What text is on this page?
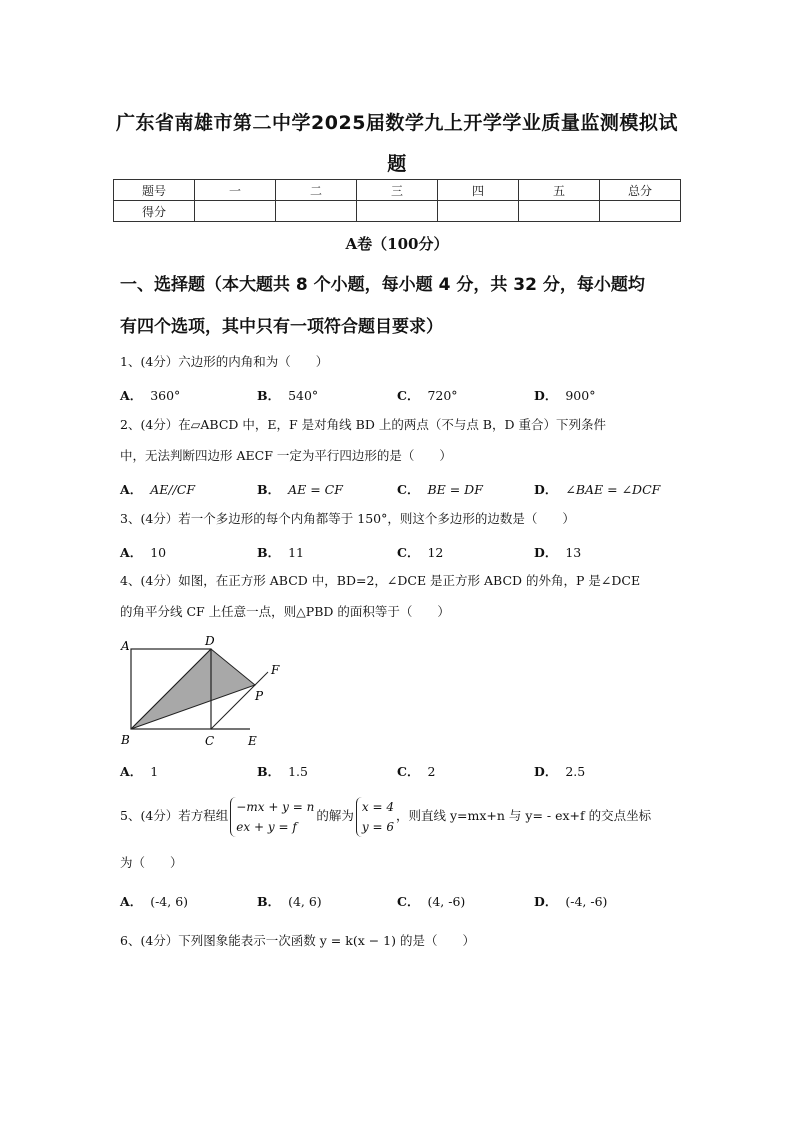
广东省南雄市第二中学2025届数学九上开学学业质量监测模拟试
题
题号	一	二	三	四	五	总分
得分						
A卷（100分）
一、选择题（本大题共 8 个小题，每小题 4 分，共 32 分，每小题均
有四个选项，其中只有一项符合题目要求）
1、(4分）六边形的内角和为（　　）
A． 360°	B． 540°	C． 720°	D． 900°
2、(4分）在▱ABCD 中，E，F 是对角线 BD 上的两点（不与点 B，D 重合）下列条件
中，无法判断四边形 AECF 一定为平行四边形的是（　　）
A． AE//CF	B． AE = CF	C． BE = DF	D． ∠BAE = ∠DCF
3、(4分）若一个多边形的每个内角都等于 150°，则这个多边形的边数是（　　）
A． 10	B． 11	C． 12	D． 13
4、(4分）如图，在正方形 ABCD 中，BD=2，∠DCE 是正方形 ABCD 的外角，P 是∠DCE
的角平分线 CF 上任意一点，则△PBD 的面积等于（　　）
A	D
F
P
B	C	E
A． 1	B． 1.5	C． 2	D． 2.5
5、(4分）若方程组−mx + y = n
ex + y = f的解为x = 4
y = 6，则直线 y=mx+n 与 y= - ex+f 的交点坐标
为（　　）
A． (-4, 6)	B． (4, 6)	C． (4, -6)	D． (-4, -6)
6、(4分）下列图象能表示一次函数 y = k(x − 1) 的是（　　）
